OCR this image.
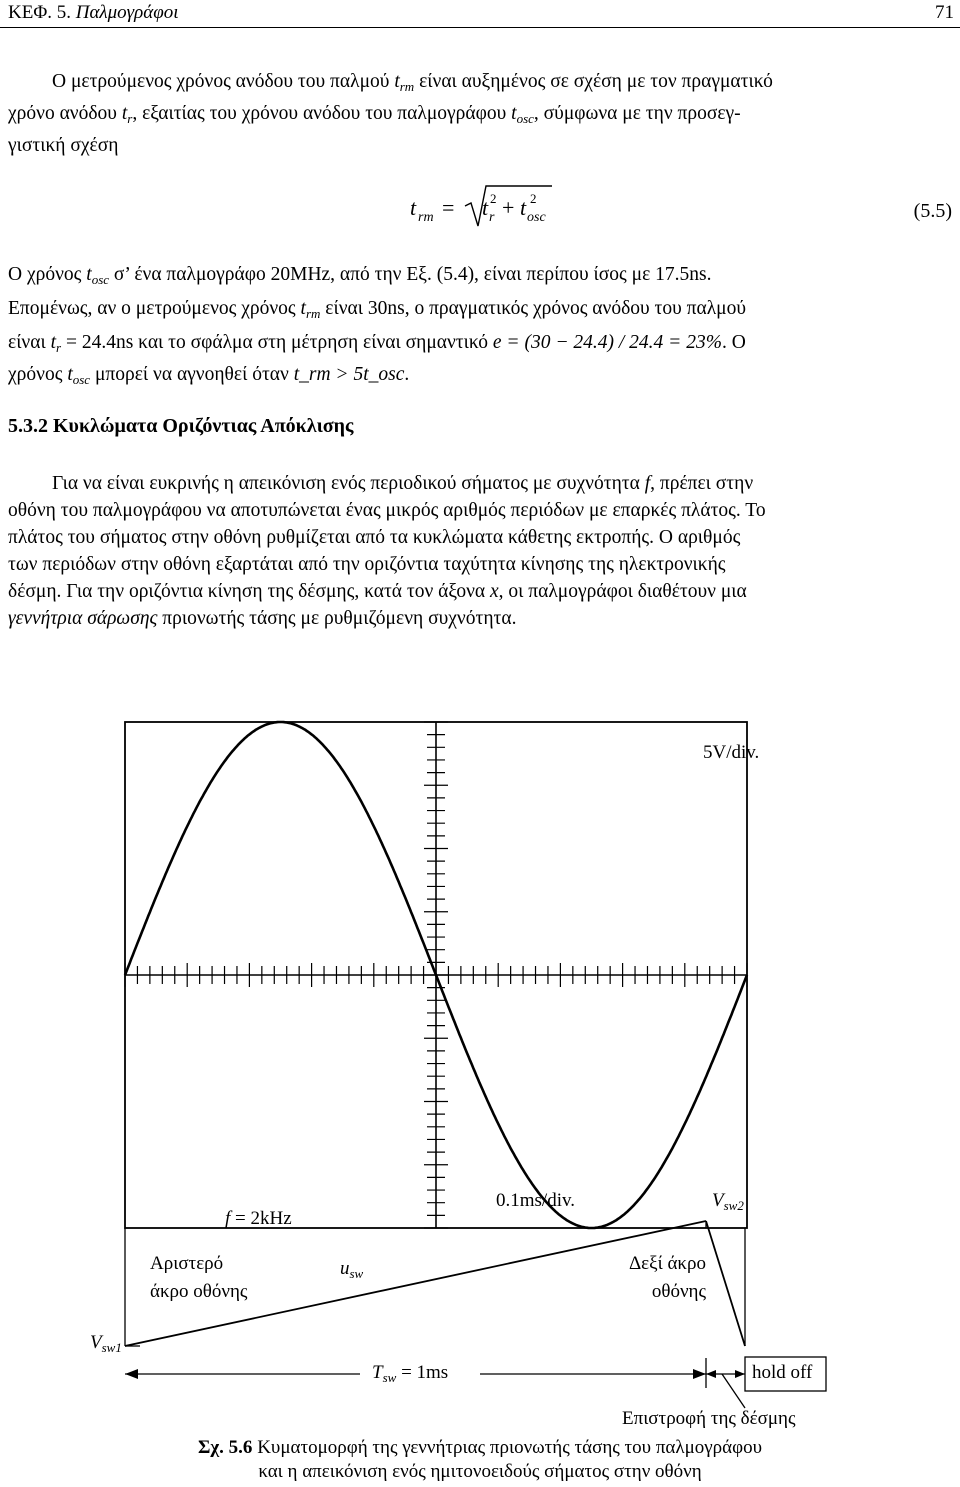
ΚΕΦ. 5. Παλμογράφοι	71
Ο μετρούμενος χρόνος ανόδου του παλμού $t_{rm}$ είναι αυξημένος σε σχέση με τον πραγματικό
χρόνο ανόδου $t_r$, εξαιτίας του χρόνου ανόδου του παλμογράφου $t_{osc}$, σύμφωνα με την προσεγ-
γιστική σχέση
t rm = t 2
r + t 2
osc	(5.5)
Ο χρόνος $t_{osc}$ σ’ ένα παλμογράφο 20MHz, από την Εξ. (5.4), είναι περίπου ίσος με 17.5ns.
Επομένως, αν ο μετρούμενος χρόνος $t_{rm}$ είναι 30ns, ο πραγματικός χρόνος ανόδου του παλμού
είναι $t_r = 24.4ns$ και το σφάλμα στη μέτρηση είναι σημαντικό e = (30 − 24.4) / 24.4 = 23%. Ο
χρόνος $t_{osc}$ μπορεί να αγνοηθεί όταν t_rm > 5t_osc.
5.3.2 Κυκλώματα Οριζόντιας Απόκλισης
Για να είναι ευκρινής η απεικόνιση ενός περιοδικού σήματος με συχνότητα f, πρέπει στην
οθόνη του παλμογράφου να αποτυπώνεται ένας μικρός αριθμός περιόδων με επαρκές πλάτος. Το
πλάτος του σήματος στην οθόνη ρυθμίζεται από τα κυκλώματα κάθετης εκτροπής. Ο αριθμός
των περιόδων στην οθόνη εξαρτάται από την οριζόντια ταχύτητα κίνησης της ηλεκτρονικής
δέσμη. Για την οριζόντια κίνηση της δέσμης, κατά τον άξονα x, οι παλμογράφοι διαθέτουν μια
γεννήτρια σάρωσης πριονωτής τάσης με ρυθμιζόμενη συχνότητα.
5V/div.
f = 2kHz
0.1ms/div.	$V_{sw2}$
Αριστερό
άκρο οθόνης
$u_{sw}$	Δεξί άκρο
οθόνης
$V_{sw1}$
$T_{sw} = 1ms$	hold off
Επιστροφή της δέσμης
Σχ. 5.6 Κυματομορφή της γεννήτριας πριονωτής τάσης του παλμογράφου
και η απεικόνιση ενός ημιτονοειδούς σήματος στην οθόνη
